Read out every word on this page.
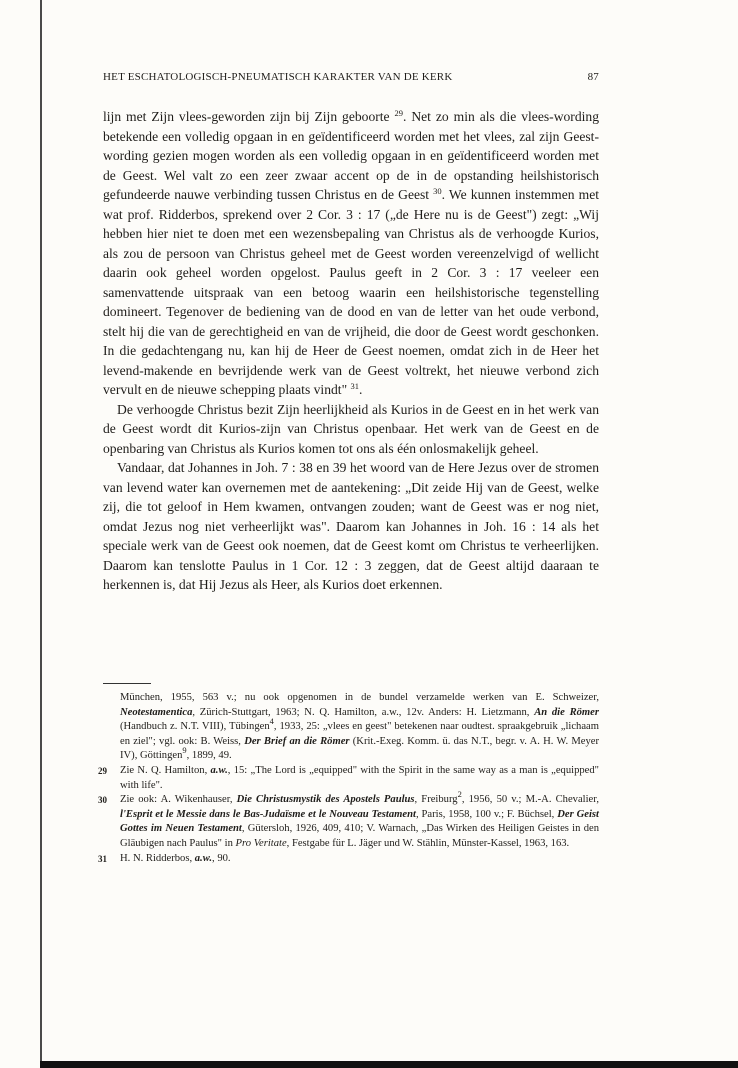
HET ESCHATOLOGISCH-PNEUMATISCH KARAKTER VAN DE KERK	87

lijn met Zijn vlees-geworden zijn bij Zijn geboorte $^{29}$. Net zo min als die vlees-wording betekende een volledig opgaan in en geïdentificeerd worden met het vlees, zal zijn Geest-wording gezien mogen worden als een volledig opgaan in en geïdentificeerd worden met de Geest. Wel valt zo een zeer zwaar accent op de in de opstanding heilshistorisch gefundeerde nauwe verbinding tussen Christus en de Geest $^{30}$. We kunnen instemmen met wat prof. Ridderbos, sprekend over 2 Cor. 3 : 17 („de Here nu is de Geest") zegt: „Wij hebben hier niet te doen met een wezensbepaling van Christus als de verhoogde Kurios, als zou de persoon van Christus geheel met de Geest worden vereenzelvigd of wellicht daarin ook geheel worden opgelost. Paulus geeft in 2 Cor. 3 : 17 veeleer een samenvattende uitspraak van een betoog waarin een heilshistorische tegenstelling domineert. Tegenover de bediening van de dood en van de letter van het oude verbond, stelt hij die van de gerechtigheid en van de vrijheid, die door de Geest wordt geschonken. In die gedachtengang nu, kan hij de Heer de Geest noemen, omdat zich in de Heer het levend-makende en bevrijdende werk van de Geest voltrekt, het nieuwe verbond zich vervult en de nieuwe schepping plaats vindt" $^{31}$.

De verhoogde Christus bezit Zijn heerlijkheid als Kurios in de Geest en in het werk van de Geest wordt dit Kurios-zijn van Christus openbaar. Het werk van de Geest en de openbaring van Christus als Kurios komen tot ons als één onlosmakelijk geheel.

Vandaar, dat Johannes in Joh. 7 : 38 en 39 het woord van de Here Jezus over de stromen van levend water kan overnemen met de aantekening: „Dit zeide Hij van de Geest, welke zij, die tot geloof in Hem kwamen, ontvangen zouden; want de Geest was er nog niet, omdat Jezus nog niet verheerlijkt was". Daarom kan Johannes in Joh. 16 : 14 als het speciale werk van de Geest ook noemen, dat de Geest komt om Christus te verheerlijken. Daarom kan tenslotte Paulus in 1 Cor. 12 : 3 zeggen, dat de Geest altijd daaraan te herkennen is, dat Hij Jezus als Heer, als Kurios doet erkennen.

München, 1955, 563 v.; nu ook opgenomen in de bundel verzamelde werken van E. Schweizer, Neotestamentica, Zürich-Stuttgart, 1963; N. Q. Hamilton, a.w., 12v. Anders: H. Lietzmann, An die Römer (Handbuch z. N.T. VIII), Tübingen$^4$, 1933, 25: „vlees en geest" betekenen naar oudtest. spraakgebruik „lichaam en ziel"; vgl. ook: B. Weiss, Der Brief an die Römer (Krit.-Exeg. Komm. ü. das N.T., begr. v. A. H. W. Meyer IV), Göttingen$^9$, 1899, 49.

29 Zie N. Q. Hamilton, a.w., 15: „The Lord is „equipped" with the Spirit in the same way as a man is „equipped" with life".

30 Zie ook: A. Wikenhauser, Die Christusmystik des Apostels Paulus, Freiburg$^2$, 1956, 50 v.; M.-A. Chevalier, l'Esprit et le Messie dans le Bas-Judaïsme et le Nouveau Testament, Paris, 1958, 100 v.; F. Büchsel, Der Geist Gottes im Neuen Testament, Gütersloh, 1926, 409, 410; V. Warnach, „Das Wirken des Heiligen Geistes in den Gläubigen nach Paulus" in Pro Veritate, Festgabe für L. Jäger und W. Stählin, Münster-Kassel, 1963, 163.

31 H. N. Ridderbos, a.w., 90.
